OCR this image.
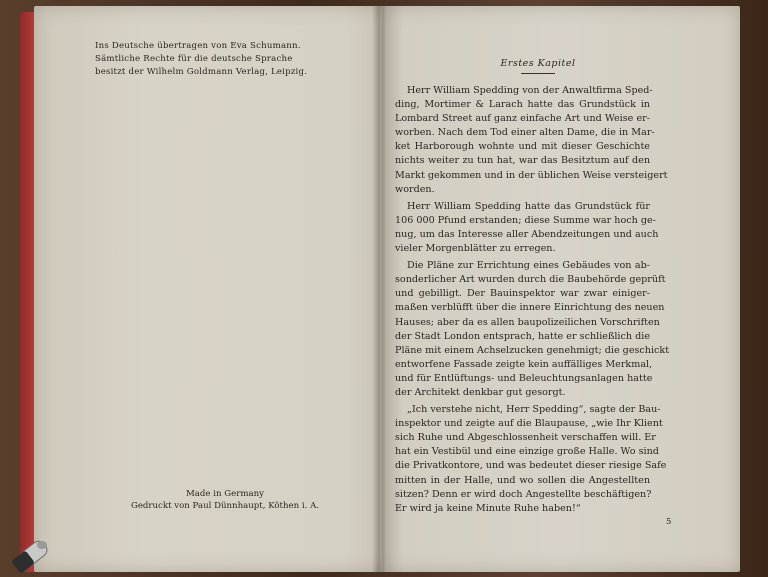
Ins Deutsche übertragen von Eva Schumann.
Sämtliche Rechte für die deutsche Sprache
besitzt der Wilhelm Goldmann Verlag, Leipzig.
Made in Germany
Gedruckt von Paul Dünnhaupt, Köthen i. A.
Erstes Kapitel

Herr William Spedding von der Anwaltfirma Sped-
ding, Mortimer & Larach hatte das Grundstück in
Lombard Street auf ganz einfache Art und Weise er-
worben. Nach dem Tod einer alten Dame, die in Mar-
ket Harborough wohnte und mit dieser Geschichte
nichts weiter zu tun hat, war das Besitztum auf den
Markt gekommen und in der üblichen Weise versteigert
worden.

Herr William Spedding hatte das Grundstück für
106 000 Pfund erstanden; diese Summe war hoch ge-
nug, um das Interesse aller Abendzeitungen und auch
vieler Morgenblätter zu erregen.

Die Pläne zur Errichtung eines Gebäudes von ab-
sonderlicher Art wurden durch die Baubehörde geprüft
und gebilligt. Der Bauinspektor war zwar einiger-
maßen verblüfft über die innere Einrichtung des neuen
Hauses; aber da es allen baupolizeilichen Vorschriften
der Stadt London entsprach, hatte er schließlich die
Pläne mit einem Achselzucken genehmigt; die geschickt
entworfene Fassade zeigte kein auffälliges Merkmal,
und für Entlüftungs- und Beleuchtungsanlagen hatte
der Architekt denkbar gut gesorgt.

„Ich verstehe nicht, Herr Spedding“, sagte der Bau-
inspektor und zeigte auf die Blaupause, „wie Ihr Klient
sich Ruhe und Abgeschlossenheit verschaffen will. Er
hat ein Vestibül und eine einzige große Halle. Wo sind
die Privatkontore, und was bedeutet dieser riesige Safe
mitten in der Halle, und wo sollen die Angestellten
sitzen? Denn er wird doch Angestellte beschäftigen?
Er wird ja keine Minute Ruhe haben!“

5
